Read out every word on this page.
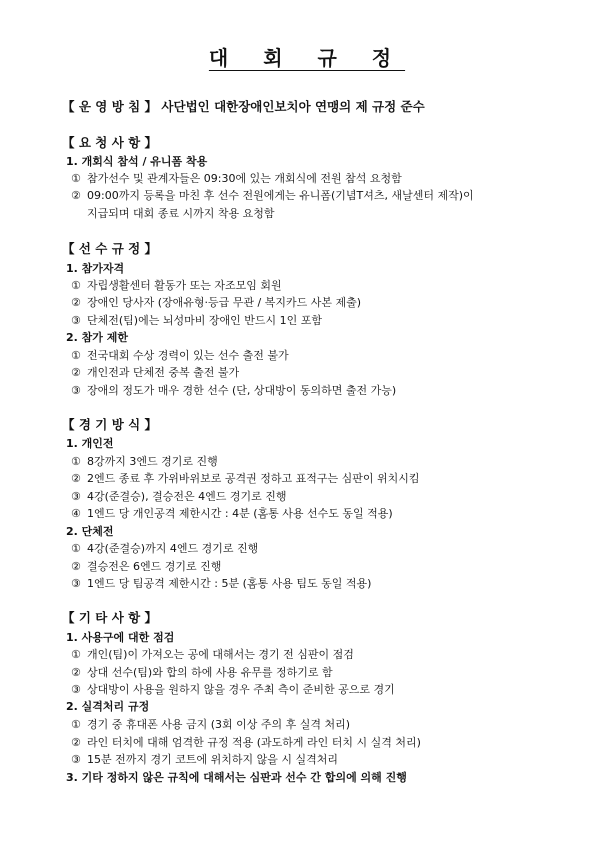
대 회 규 정
【 운 영 방 침 】 사단법인 대한장애인보치아 연맹의 제 규정 준수
【 요 청 사 항 】
1. 개회식 참석 / 유니폼 착용
① 참가선수 및 관계자들은 09:30에 있는 개회식에 전원 참석 요청함
② 09:00까지 등록을 마친 후 선수 전원에게는 유니폼(기념T셔츠, 새날센터 제작)이
지급되며 대회 종료 시까지 착용 요청함
【 선 수 규 정 】
1. 참가자격
① 자립생활센터 활동가 또는 자조모임 회원
② 장애인 당사자 (장애유형·등급 무관 / 복지카드 사본 제출)
③ 단체전(팀)에는 뇌성마비 장애인 반드시 1인 포함
2. 참가 제한
① 전국대회 수상 경력이 있는 선수 출전 불가
② 개인전과 단체전 중복 출전 불가
③ 장애의 정도가 매우 경한 선수 (단, 상대방이 동의하면 출전 가능)
【 경 기 방 식 】
1. 개인전
① 8강까지 3엔드 경기로 진행
② 2엔드 종료 후 가위바위보로 공격권 정하고 표적구는 심판이 위치시킴
③ 4강(준결승), 결승전은 4엔드 경기로 진행
④ 1엔드 당 개인공격 제한시간 : 4분 (홈통 사용 선수도 동일 적용)
2. 단체전
① 4강(준결승)까지 4엔드 경기로 진행
② 결승전은 6엔드 경기로 진행
③ 1엔드 당 팀공격 제한시간 : 5분 (홈통 사용 팀도 동일 적용)
【 기 타 사 항 】
1. 사용구에 대한 점검
① 개인(팀)이 가져오는 공에 대해서는 경기 전 심판이 점검
② 상대 선수(팀)와 합의 하에 사용 유무를 정하기로 함
③ 상대방이 사용을 원하지 않을 경우 주최 측이 준비한 공으로 경기
2. 실격처리 규정
① 경기 중 휴대폰 사용 금지 (3회 이상 주의 후 실격 처리)
② 라인 터치에 대해 엄격한 규정 적용 (과도하게 라인 터치 시 실격 처리)
③ 15분 전까지 경기 코트에 위치하지 않을 시 실격처리
3. 기타 정하지 않은 규칙에 대해서는 심판과 선수 간 합의에 의해 진행
